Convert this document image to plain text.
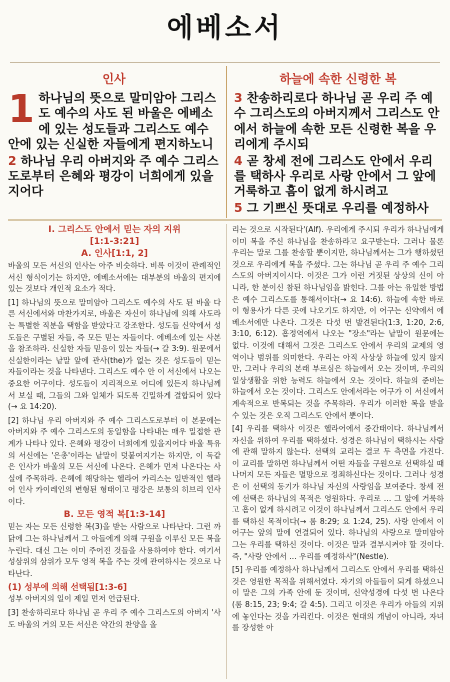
에베소서
인사
1 하나님의 뜻으로 말미암아 그리스도 예수의 사도 된 바울은 에베소에 있는 성도들과 그리스도 예수 안에 있는 신실한 자들에게 편지하노니
2 하나님 우리 아버지와 주 예수 그리스도로부터 은혜와 평강이 너희에게 있을지어다
하늘에 속한 신령한 복
3 찬송하리로다 하나님 곧 우리 주 예수 그리스도의 아버지께서 그리스도 안에서 하늘에 속한 모든 신령한 복을 우리에게 주시되
4 곧 창세 전에 그리스도 안에서 우리를 택하사 우리로 사랑 안에서 그 앞에 거룩하고 흠이 없게 하시려고
5 그 기쁘신 뜻대로 우리를 예정하사
I. 그리스도 안에서 믿는 자의 지위
[1:1-3:21]
A. 인사[1:1, 2]

바울의 모든 서신의 인사는 아주 비슷하다. 비록 이것이 관례적인 서신 형식이기는 하지만, 에베소서에는 대부분의 바울의 편지에 있는 것보다 개인적 요소가 적다.

[1] 하나님의 뜻으로 말미암아 그리스도 예수의 사도 된 바울 다른 서신에서와 마찬가지로, 바울은 자신이 하나님에 의해 사도라는 특별한 직분을 택함을 받았다고 강조한다. 성도들 신약에서 성도들은 구별된 자들, 즉 모든 믿는 자들이다. 에베소에 있는 사본을 참조하라. 신실한 자들 믿음이 있는 자들(→ 갈 3:9). 원문에서 신실한이라는 낱말 앞에 관사(the)가 없는 것은 성도들이 믿는 자들이라는 것을 나타낸다. 그리스도 예수 안 이 서신에서 나오는 중요한 어구이다. 성도들이 지리적으로 어디에 있든지 하나님께서 보실 때, 그들의 그와 일체가 되도록 긴밀하게 결합되어 있다(→ 요 14:20).

[2] 하나님 우리 아버지와 주 예수 그리스도로부터 이 본문에는 아버지와 주 예수 그리스도의 동일함을 나타내는 매우 밀접한 관계가 나타나 있다. 은혜와 평강이 너희에게 있을지어다 바울 특유의 서신에는 '은총'이라는 낱말이 덧붙여지기는 하지만, 이 독같은 인사가 바울의 모든 서신에 나온다. 은혜가 먼저 나온다는 사실에 주목하라. 은혜에 해당하는 헬라어 카리스는 일반적인 헬라어 인사 카이레인의 변형된 형태이고 평강은 보통의 히브리 인사이다.

B. 모든 영적 복[1:3-14]

믿는 자는 모든 신령한 복(3)을 받는 사람으로 나타난다. 그런 까닭에 그는 하나님께서 그 아들에게 의해 구원을 이루신 모든 복을 누린다. 대신 그는 이미 주어진 것들을 사용하여야 한다. 여기서 성삼위의 삼위가 모두 영적 복을 주는 것에 관여하시는 것으로 나타난다.

(1) 성부에 의해 선택됨[1:3-6]

성부 아버지의 일이 제일 먼저 언급된다.

[3] 찬송하리로다 하나님 곧 우리 주 예수 그리스도의 아버지 '사도 바울의 거의 모든 서신은 약간의 찬양을 올

리는 것으로 시작된다'(Alf). 우리에게 주시되 우리가 하나님에게 이미 복을 주신 하나님을 찬송하라고 요구받는다. 그러나 물론 우리는 말로 그를 찬송할 뿐이지만, 하나님께서는 그가 행하셨던 것으로 우리에게 복을 주셨다. 그는 하나님 곧 우리 주 예수 그리스도의 아버지이시다. 이것은 그가 이런 거짓된 상상의 신이 아니라, 한 분이신 참된 하나님임을 밝힌다. 그를 아는 유일한 방법은 예수 그리스도를 통해서이다(→ 요 14:6). 하늘에 속한 바로 이 형용사가 다른 곳에 나오기도 하지만, 이 어구는 신약에서 에베소서에만 나온다. 그것은 다섯 번 발견된다(1:3, 1:20, 2:6, 3:10, 6:12). 흠정역에서 나오는 "장소"라는 낱말이 원문에는 없다. 이것에 대해서 그것은 그리스도 안에서 우리의 교제의 영역이나 범위를 의미한다. 우리는 아직 사상상 하늘에 있지 않지만, 그러나 우리의 본래 부르심은 하늘에서 오는 것이며, 우리의 일상생활을 위한 능력도 하늘에서 오는 것이다. 하늘의 준비는 하늘에서 오는 것이다. 그리스도 안에서라는 어구가 이 서신에서 계속적으로 반복되는 것을 주목하라. 우리가 이러한 복을 받을 수 있는 것은 오직 그리스도 안에서 뿐이다.

[4] 우리를 택하사 이것은 헬라어에서 중간태이다. 하나님께서 자신을 위하여 우리를 택하셨다. 성경은 하나님이 택하시는 사람에 관해 말하지 않는다. 선택의 교리는 결코 두 측면을 가진다. 이 교리를 말하면 하나님께서 어떤 자들을 구원으로 선택하실 때 나머지 모든 자들은 멸망으로 정죄하신다는 것이다. 그러나 성경은 이 선택의 동기가 하나님 자신의 사랑임을 보여준다. 창세 전에 선택은 하나님의 목적은 영원하다. 우리로 … 그 앞에 거룩하고 흠이 없게 하시려고 이것이 하나님께서 그리스도 안에서 우리를 택하신 목적이다(→ 롬 8:29; 요 1:24, 25). 사랑 안에서 이 어구는 앞의 말에 연결되어 있다. 하나님의 사랑으로 말미암아 그는 우리를 택하신 것이다. 이것은 말과 결부시켜야 할 것이다. 즉, "사랑 안에서 … 우리를 예정하사"(Nestle).

[5] 우리를 예정하사 하나님께서 그리스도 안에서 우리를 택하신 것은 영원한 목적을 위해서였다. 자기의 아들들이 되게 하셨으니 이 말은 그의 가족 안에 둔 것이며, 신약성경에 다섯 번 나온다(롬 8:15, 23; 9:4; 갈 4:5). 그리고 이것은 우리가 아들의 지위에 놓인다는 것을 가리킨다. 이것은 현대의 개념이 아니라, 자녀를 장성한 아
